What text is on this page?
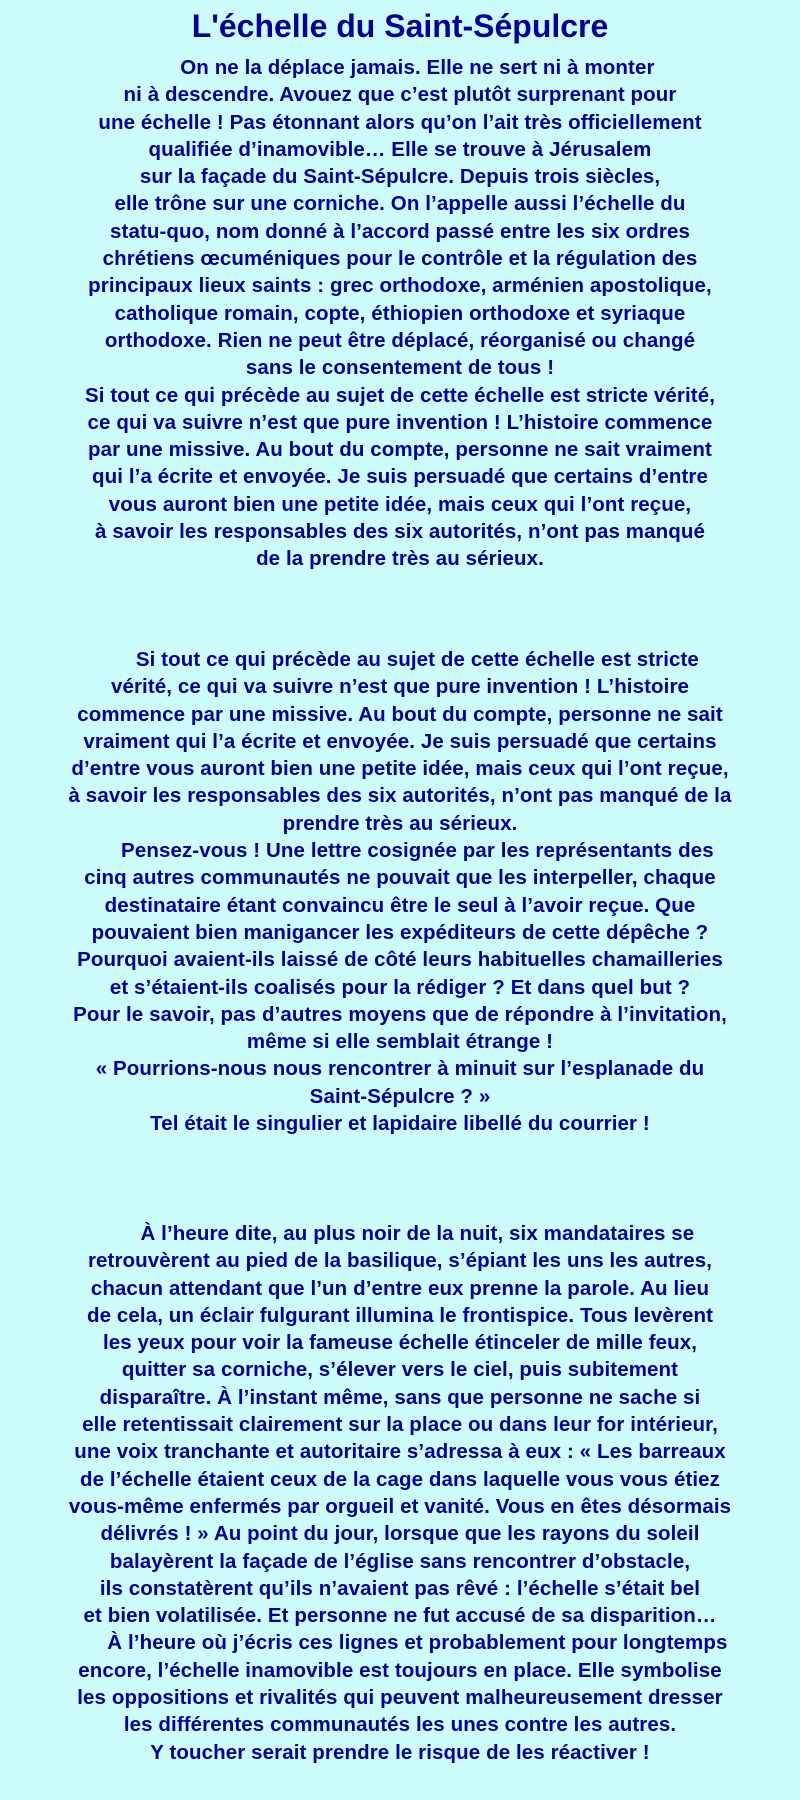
L'échelle du Saint-Sépulcre
On ne la déplace jamais. Elle ne sert ni à monter
ni à descendre. Avouez que c’est plutôt surprenant pour
une échelle ! Pas étonnant alors qu’on l’ait très officiellement
qualifiée d’inamovible… Elle se trouve à Jérusalem
sur la façade du Saint-Sépulcre. Depuis trois siècles,
elle trône sur une corniche. On l’appelle aussi l’échelle du
statu-quo, nom donné à l’accord passé entre les six ordres
chrétiens œcuméniques pour le contrôle et la régulation des
principaux lieux saints : grec orthodoxe, arménien apostolique,
catholique romain, copte, éthiopien orthodoxe et syriaque
orthodoxe. Rien ne peut être déplacé, réorganisé ou changé
sans le consentement de tous !
Si tout ce qui précède au sujet de cette échelle est stricte vérité,
ce qui va suivre n’est que pure invention ! L’histoire commence
par une missive. Au bout du compte, personne ne sait vraiment
qui l’a écrite et envoyée. Je suis persuadé que certains d’entre
vous auront bien une petite idée, mais ceux qui l’ont reçue,
à savoir les responsables des six autorités, n’ont pas manqué
de la prendre très au sérieux.
Si tout ce qui précède au sujet de cette échelle est stricte
vérité, ce qui va suivre n’est que pure invention ! L’histoire
commence par une missive. Au bout du compte, personne ne sait
vraiment qui l’a écrite et envoyée. Je suis persuadé que certains
d’entre vous auront bien une petite idée, mais ceux qui l’ont reçue,
à savoir les responsables des six autorités, n’ont pas manqué de la
prendre très au sérieux.
Pensez-vous ! Une lettre cosignée par les représentants des
cinq autres communautés ne pouvait que les interpeller, chaque
destinataire étant convaincu être le seul à l’avoir reçue. Que
pouvaient bien manigancer les expéditeurs de cette dépêche ?
Pourquoi avaient-ils laissé de côté leurs habituelles chamailleries
et s’étaient-ils coalisés pour la rédiger ? Et dans quel but ?
Pour le savoir, pas d’autres moyens que de répondre à l’invitation,
même si elle semblait étrange !
« Pourrions-nous nous rencontrer à minuit sur l’esplanade du
Saint-Sépulcre ? »
Tel était le singulier et lapidaire libellé du courrier !
À l’heure dite, au plus noir de la nuit, six mandataires se
retrouvèrent au pied de la basilique, s’épiant les uns les autres,
chacun attendant que l’un d’entre eux prenne la parole. Au lieu
de cela, un éclair fulgurant illumina le frontispice. Tous levèrent
les yeux pour voir la fameuse échelle étinceler de mille feux,
quitter sa corniche, s’élever vers le ciel, puis subitement
disparaître. À l’instant même, sans que personne ne sache si
elle retentissait clairement sur la place ou dans leur for intérieur,
une voix tranchante et autoritaire s’adressa à eux : « Les barreaux
de l’échelle étaient ceux de la cage dans laquelle vous vous étiez
vous-même enfermés par orgueil et vanité. Vous en êtes désormais
délivrés ! » Au point du jour, lorsque que les rayons du soleil
balayèrent la façade de l’église sans rencontrer d’obstacle,
ils constatèrent qu’ils n’avaient pas rêvé : l’échelle s’était bel
et bien volatilisée. Et personne ne fut accusé de sa disparition…
À l’heure où j’écris ces lignes et probablement pour longtemps
encore, l’échelle inamovible est toujours en place. Elle symbolise
les oppositions et rivalités qui peuvent malheureusement dresser
les différentes communautés les unes contre les autres.
Y toucher serait prendre le risque de les réactiver !
